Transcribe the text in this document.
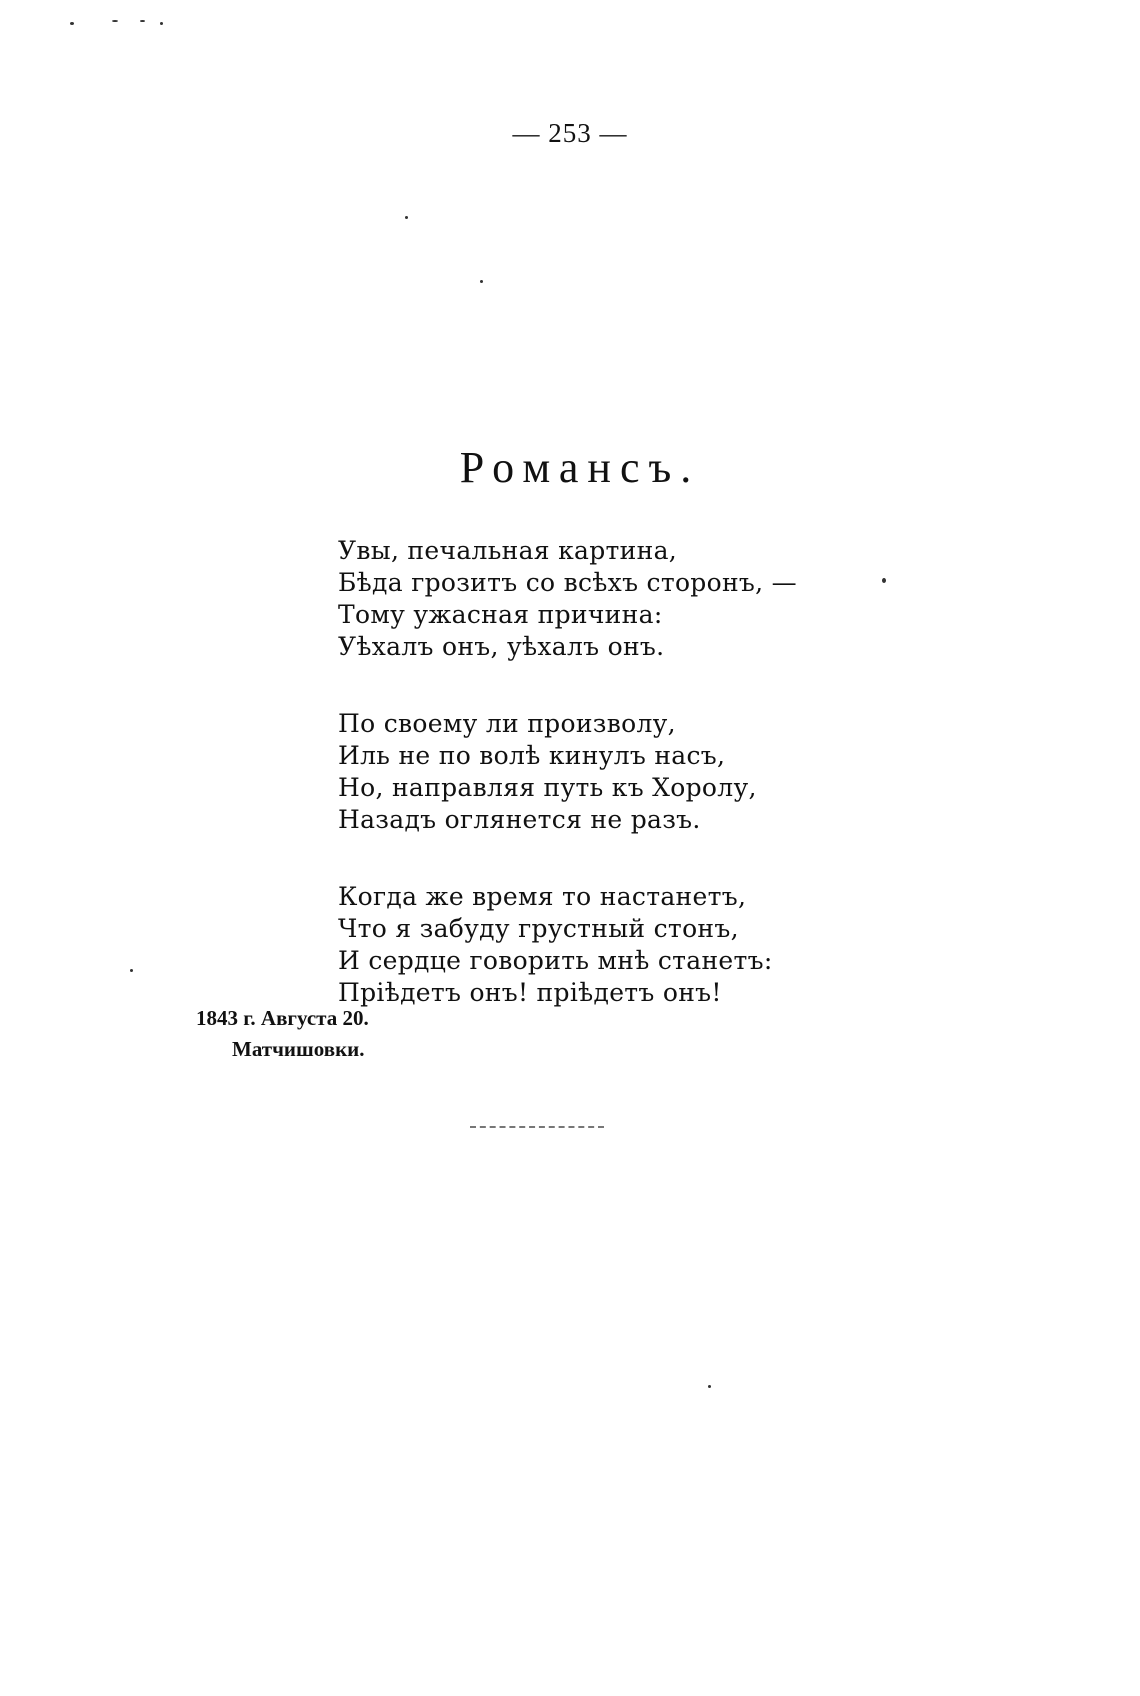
— 253 —
Романсъ.
Увы, печальная картина,
Бѣда грозитъ со всѣхъ сторонъ, —
Тому ужасная причина:
Уѣхалъ онъ, уѣхалъ онъ.
По своему ли произволу,
Иль не по волѣ кинулъ насъ,
Но, направляя путь къ Хоролу,
Назадъ оглянется не разъ.
Когда же время то настанетъ,
Что я забуду грустный стонъ,
И сердце говорить мнѣ станетъ:
Пріѣдетъ онъ! пріѣдетъ онъ!
1843 г. Августа 20.
Матчишовки.
